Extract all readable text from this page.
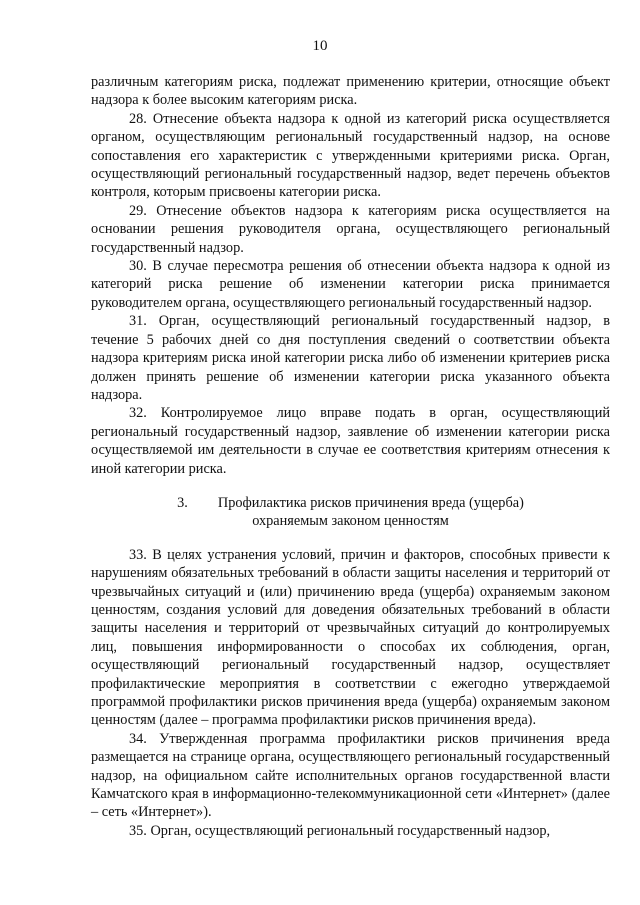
10

различным категориям риска, подлежат применению критерии, относящие объект надзора к более высоким категориям риска.

28. Отнесение объекта надзора к одной из категорий риска осуществляется органом, осуществляющим региональный государственный надзор, на основе сопоставления его характеристик с утвержденными критериями риска. Орган, осуществляющий региональный государственный надзор, ведет перечень объектов контроля, которым присвоены категории риска.

29. Отнесение объектов надзора к категориям риска осуществляется на основании решения руководителя органа, осуществляющего региональный государственный надзор.

30. В случае пересмотра решения об отнесении объекта надзора к одной из категорий риска решение об изменении категории риска принимается руководителем органа, осуществляющего региональный государственный надзор.

31. Орган, осуществляющий региональный государственный надзор, в течение 5 рабочих дней со дня поступления сведений о соответствии объекта надзора критериям риска иной категории риска либо об изменении критериев риска должен принять решение об изменении категории риска указанного объекта надзора.

32. Контролируемое лицо вправе подать в орган, осуществляющий региональный государственный надзор, заявление об изменении категории риска осуществляемой им деятельности в случае ее соответствия критериям отнесения к иной категории риска.

3. Профилактика рисков причинения вреда (ущерба)
охраняемым законом ценностям

33. В целях устранения условий, причин и факторов, способных привести к нарушениям обязательных требований в области защиты населения и территорий от чрезвычайных ситуаций и (или) причинению вреда (ущерба) охраняемым законом ценностям, создания условий для доведения обязательных требований в области защиты населения и территорий от чрезвычайных ситуаций до контролируемых лиц, повышения информированности о способах их соблюдения, орган, осуществляющий региональный государственный надзор, осуществляет профилактические мероприятия в соответствии с ежегодно утверждаемой программой профилактики рисков причинения вреда (ущерба) охраняемым законом ценностям (далее – программа профилактики рисков причинения вреда).

34. Утвержденная программа профилактики рисков причинения вреда размещается на странице органа, осуществляющего региональный государственный надзор, на официальном сайте исполнительных органов государственной власти Камчатского края в информационно-телекоммуникационной сети «Интернет» (далее – сеть «Интернет»).

35. Орган, осуществляющий региональный государственный надзор,
